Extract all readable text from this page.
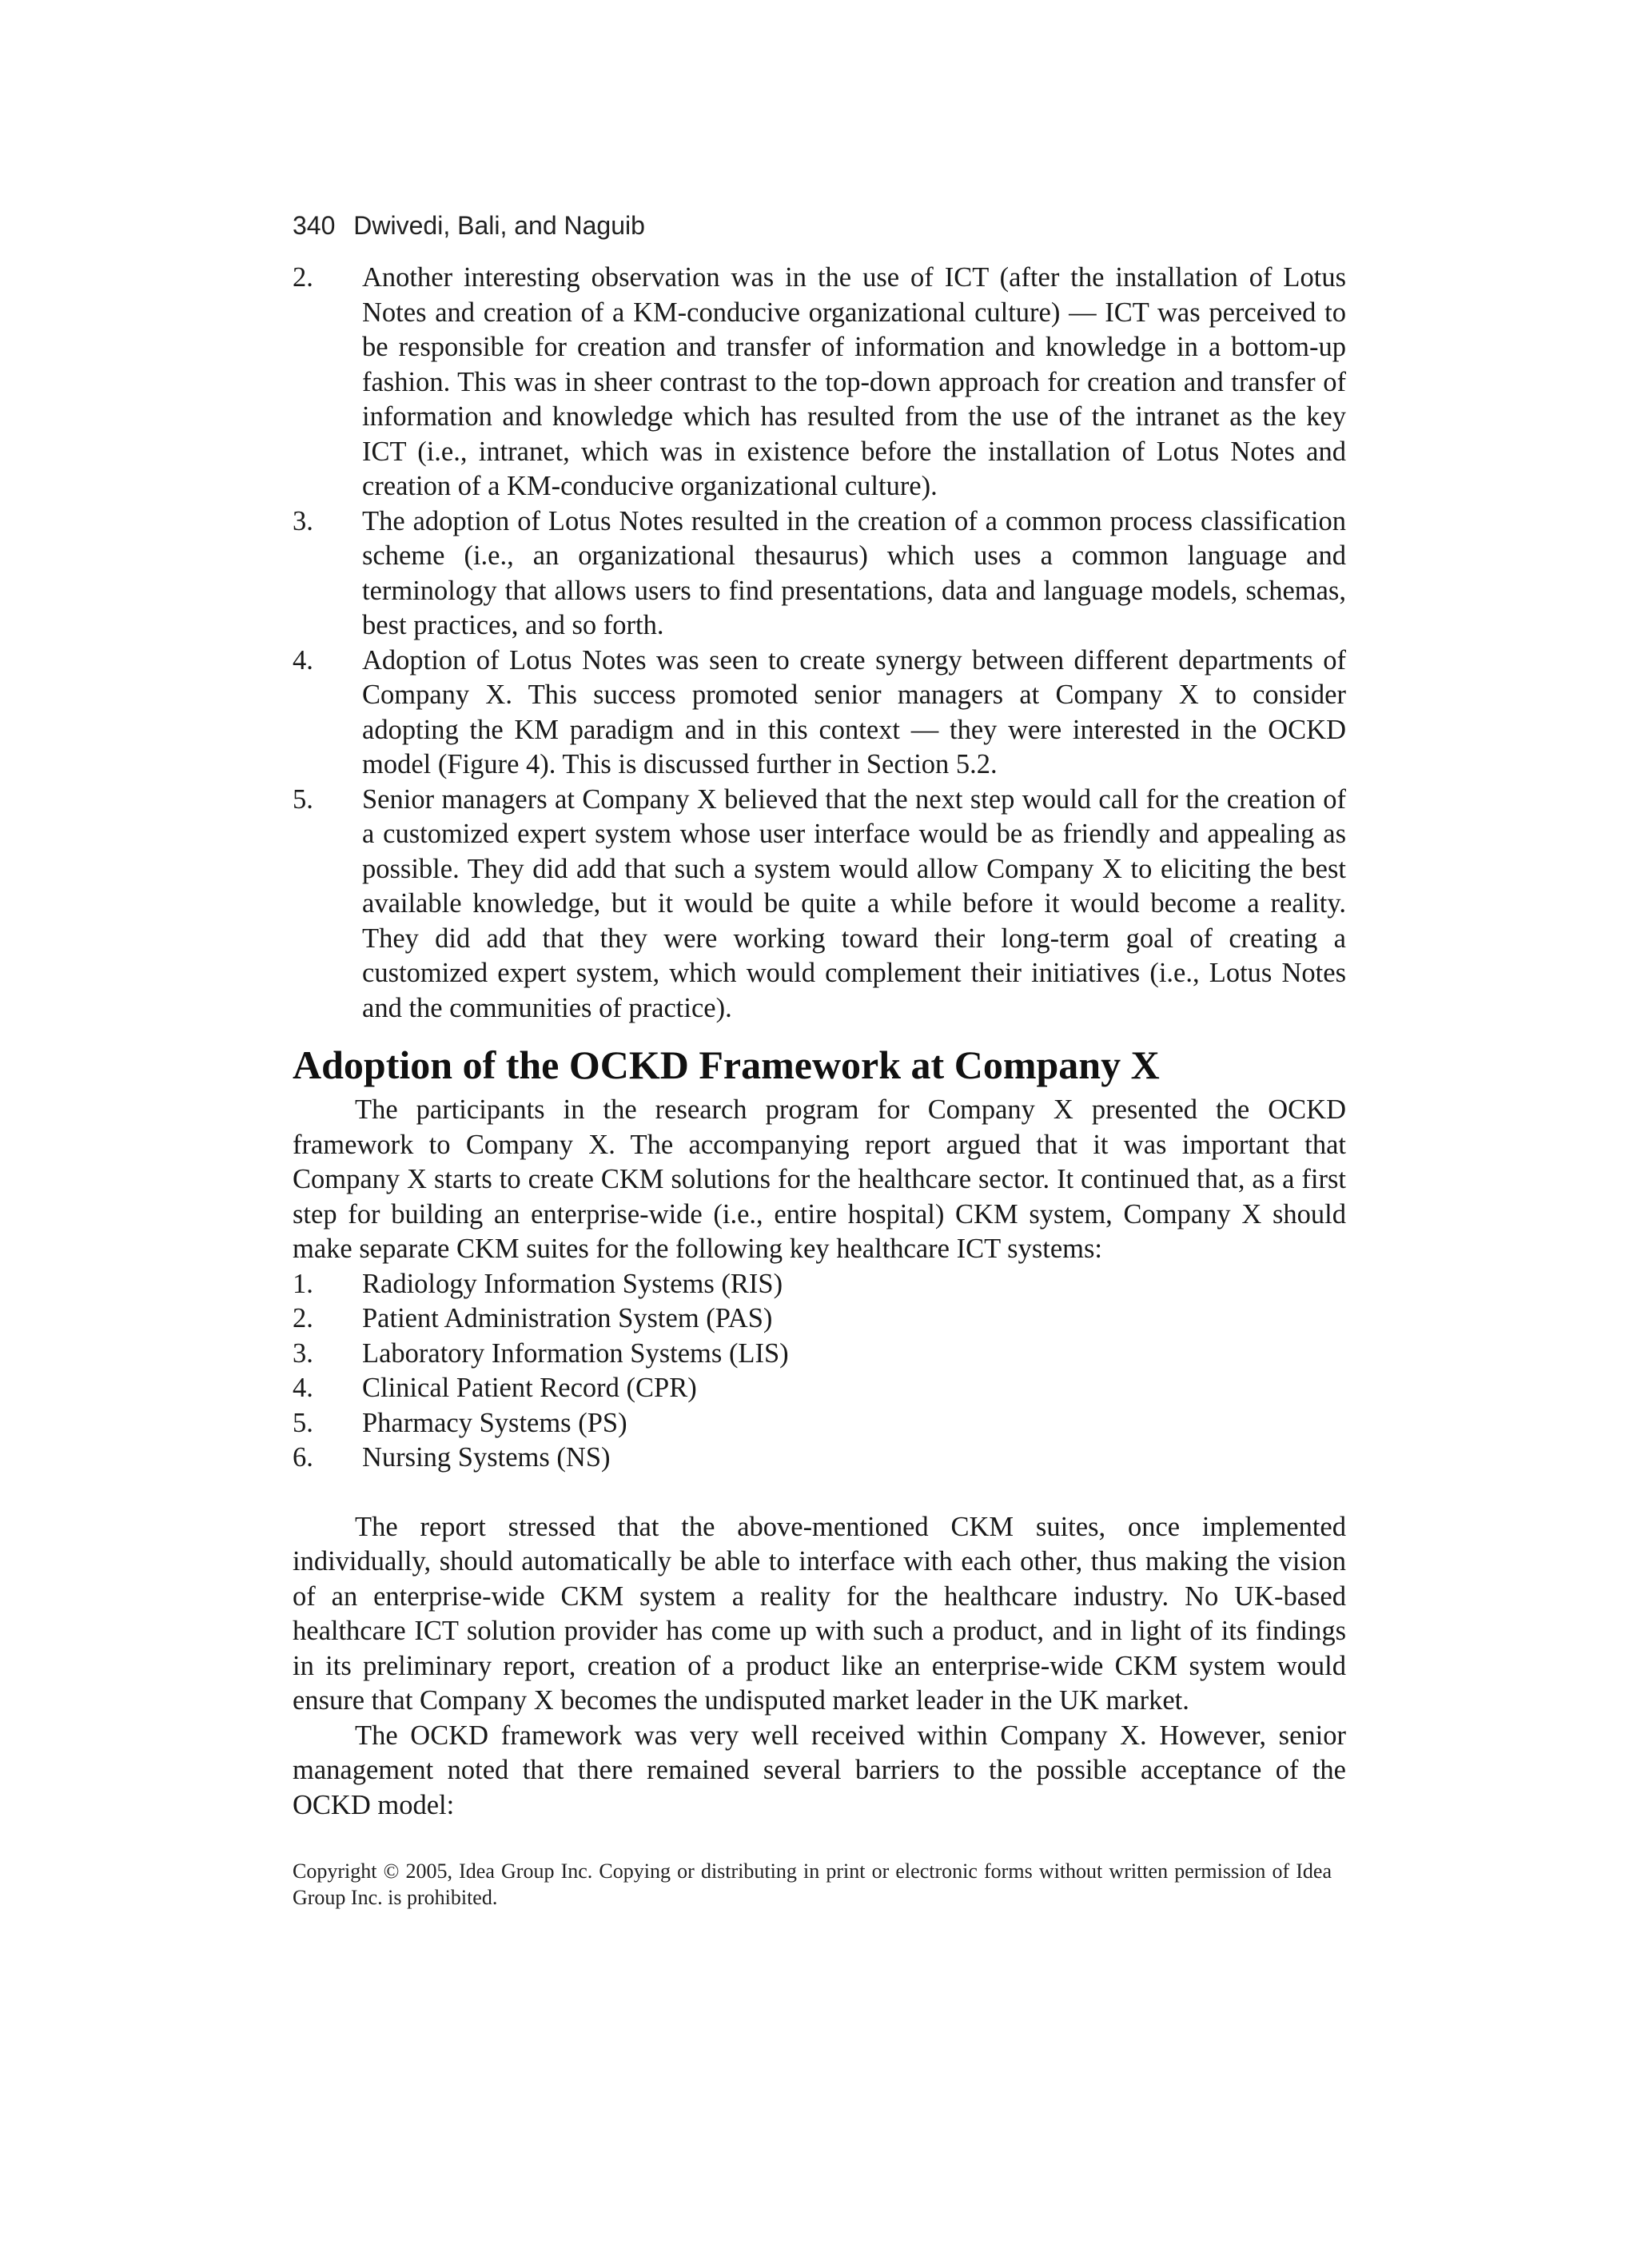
340 Dwivedi, Bali, and Naguib
2. Another interesting observation was in the use of ICT (after the installation of Lotus Notes and creation of a KM-conducive organizational culture) — ICT was perceived to be responsible for creation and transfer of information and knowledge in a bottom-up fashion. This was in sheer contrast to the top-down approach for creation and transfer of information and knowledge which has resulted from the use of the intranet as the key ICT (i.e., intranet, which was in existence before the installation of Lotus Notes and creation of a KM-conducive organizational culture).
3. The adoption of Lotus Notes resulted in the creation of a common process classification scheme (i.e., an organizational thesaurus) which uses a common language and terminology that allows users to find presentations, data and language models, schemas, best practices, and so forth.
4. Adoption of Lotus Notes was seen to create synergy between different departments of Company X. This success promoted senior managers at Company X to consider adopting the KM paradigm and in this context — they were interested in the OCKD model (Figure 4). This is discussed further in Section 5.2.
5. Senior managers at Company X believed that the next step would call for the creation of a customized expert system whose user interface would be as friendly and appealing as possible. They did add that such a system would allow Company X to eliciting the best available knowledge, but it would be quite a while before it would become a reality. They did add that they were working toward their long-term goal of creating a customized expert system, which would complement their initiatives (i.e., Lotus Notes and the communities of practice).
Adoption of the OCKD Framework at Company X

The participants in the research program for Company X presented the OCKD framework to Company X. The accompanying report argued that it was important that Company X starts to create CKM solutions for the healthcare sector. It continued that, as a first step for building an enterprise-wide (i.e., entire hospital) CKM system, Company X should make separate CKM suites for the following key healthcare ICT systems:

1. Radiology Information Systems (RIS)
2. Patient Administration System (PAS)
3. Laboratory Information Systems (LIS)
4. Clinical Patient Record (CPR)
5. Pharmacy Systems (PS)
6. Nursing Systems (NS)

The report stressed that the above-mentioned CKM suites, once implemented individually, should automatically be able to interface with each other, thus making the vision of an enterprise-wide CKM system a reality for the healthcare industry. No UK-based healthcare ICT solution provider has come up with such a product, and in light of its findings in its preliminary report, creation of a product like an enterprise-wide CKM system would ensure that Company X becomes the undisputed market leader in the UK market.

The OCKD framework was very well received within Company X. However, senior management noted that there remained several barriers to the possible acceptance of the OCKD model:

Copyright © 2005, Idea Group Inc. Copying or distributing in print or electronic forms without written permission of Idea Group Inc. is prohibited.
